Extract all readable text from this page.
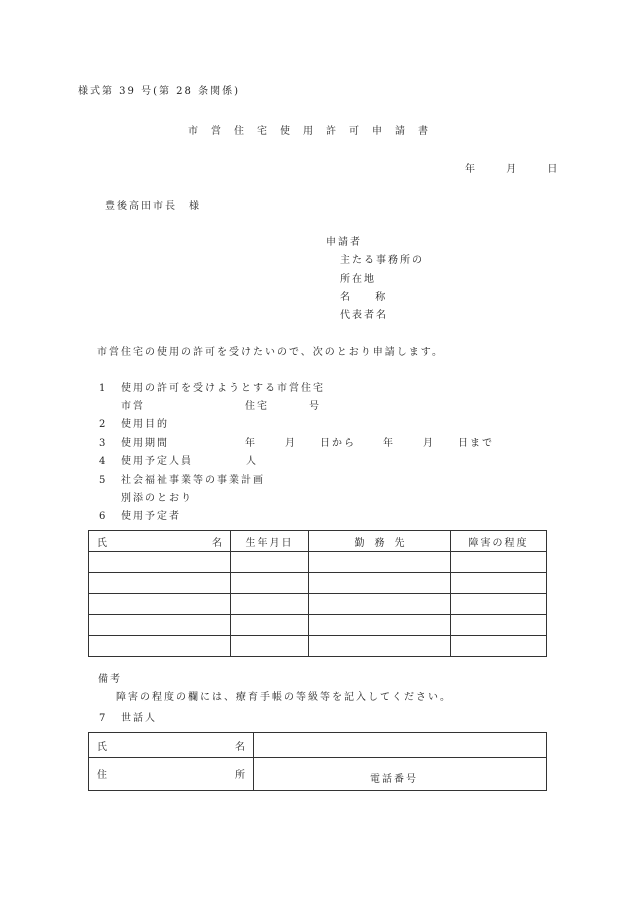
様式第 39 号(第 28 条関係)
市営住宅使用許可申請書
年	月	日
豊後高田市長　様
申請者
主たる事務所の
所在地
名	称
代表者名
市営住宅の使用の許可を受けたいので、次のとおり申請します。
1 使用の許可を受けようとする市営住宅
市営	住宅	号
2 使用目的
3 使用期間	年	月	日から	年	月	日まで
4 使用予定人員	人
5 社会福祉事業等の事業計画
別添のとおり
6 使用予定者
氏 名	生年月日	勤　務　先	障害の程度

備考
障害の程度の欄には、療育手帳の等級等を記入してください。
7 世話人
氏 名	

住 所	電話番号
